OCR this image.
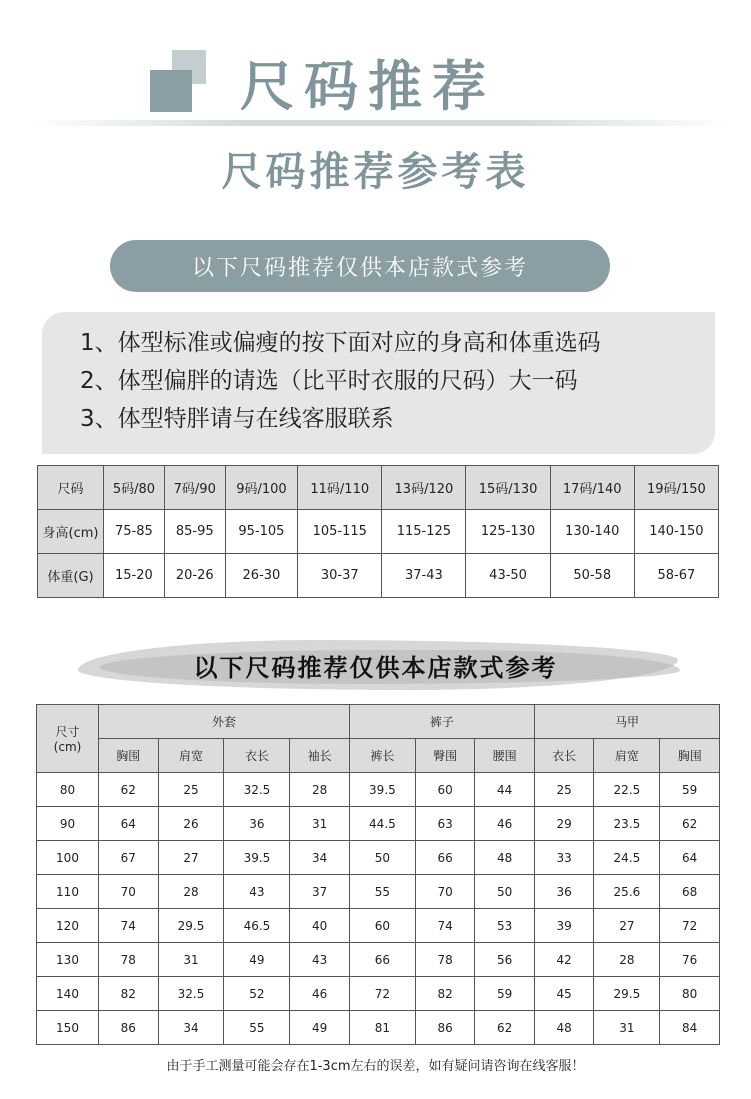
尺码推荐
尺码推荐参考表
以下尺码推荐仅供本店款式参考
1、体型标准或偏瘦的按下面对应的身高和体重选码
2、体型偏胖的请选（比平时衣服的尺码）大一码
3、体型特胖请与在线客服联系
尺码	5码/80	7码/90	9码/100	11码/110	13码/120	15码/130	17码/140	19码/150
身高(cm)	75-85	85-95	95-105	105-115	115-125	125-130	130-140	140-150
体重(G)	15-20	20-26	26-30	30-37	37-43	43-50	50-58	58-67
以下尺码推荐仅供本店款式参考
尺寸
(cm)	外套				裤子			马甲		
	胸围	肩宽	衣长	袖长	裤长	臀围	腰围	衣长	肩宽	胸围
80	62	25	32.5	28	39.5	60	44	25	22.5	59
90	64	26	36	31	44.5	63	46	29	23.5	62
100	67	27	39.5	34	50	66	48	33	24.5	64
110	70	28	43	37	55	70	50	36	25.6	68
120	74	29.5	46.5	40	60	74	53	39	27	72
130	78	31	49	43	66	78	56	42	28	76
140	82	32.5	52	46	72	82	59	45	29.5	80
150	86	34	55	49	81	86	62	48	31	84
由于手工测量可能会存在1-3cm左右的误差，如有疑问请咨询在线客服！
